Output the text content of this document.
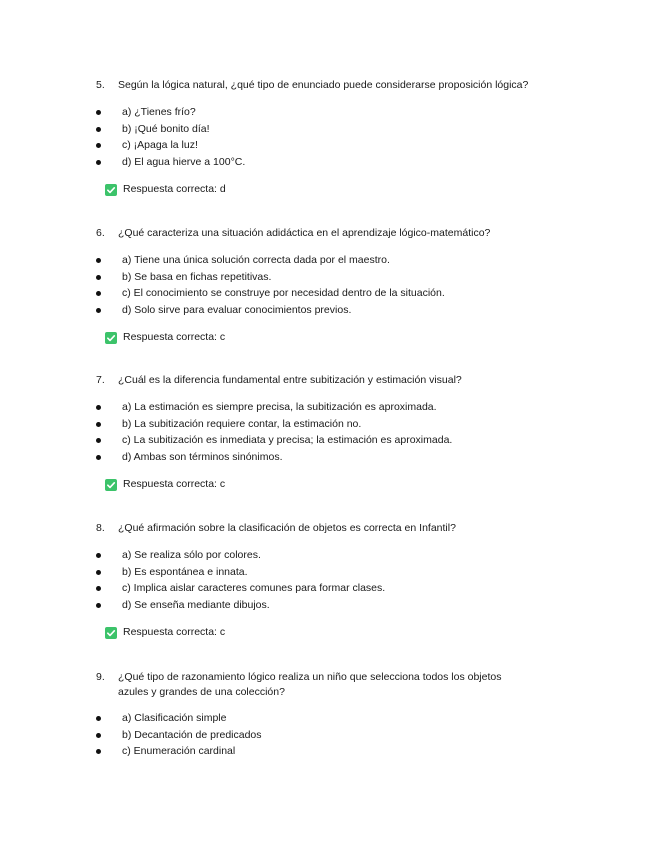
5.	Según la lógica natural, ¿qué tipo de enunciado puede considerarse proposición lógica?
a) ¿Tienes frío?
b) ¡Qué bonito día!
c) ¡Apaga la luz!
d) El agua hierve a 100°C.
Respuesta correcta: d
6.	¿Qué caracteriza una situación adidáctica en el aprendizaje lógico-matemático?
a) Tiene una única solución correcta dada por el maestro.
b) Se basa en fichas repetitivas.
c) El conocimiento se construye por necesidad dentro de la situación.
d) Solo sirve para evaluar conocimientos previos.
Respuesta correcta: c
7.	¿Cuál es la diferencia fundamental entre subitización y estimación visual?
a) La estimación es siempre precisa, la subitización es aproximada.
b) La subitización requiere contar, la estimación no.
c) La subitización es inmediata y precisa; la estimación es aproximada.
d) Ambas son términos sinónimos.
Respuesta correcta: c
8.	¿Qué afirmación sobre la clasificación de objetos es correcta en Infantil?
a) Se realiza sólo por colores.
b) Es espontánea e innata.
c) Implica aislar caracteres comunes para formar clases.
d) Se enseña mediante dibujos.
Respuesta correcta: c
9.	¿Qué tipo de razonamiento lógico realiza un niño que selecciona todos los objetos azules y grandes de una colección?
a) Clasificación simple
b) Decantación de predicados
c) Enumeración cardinal
